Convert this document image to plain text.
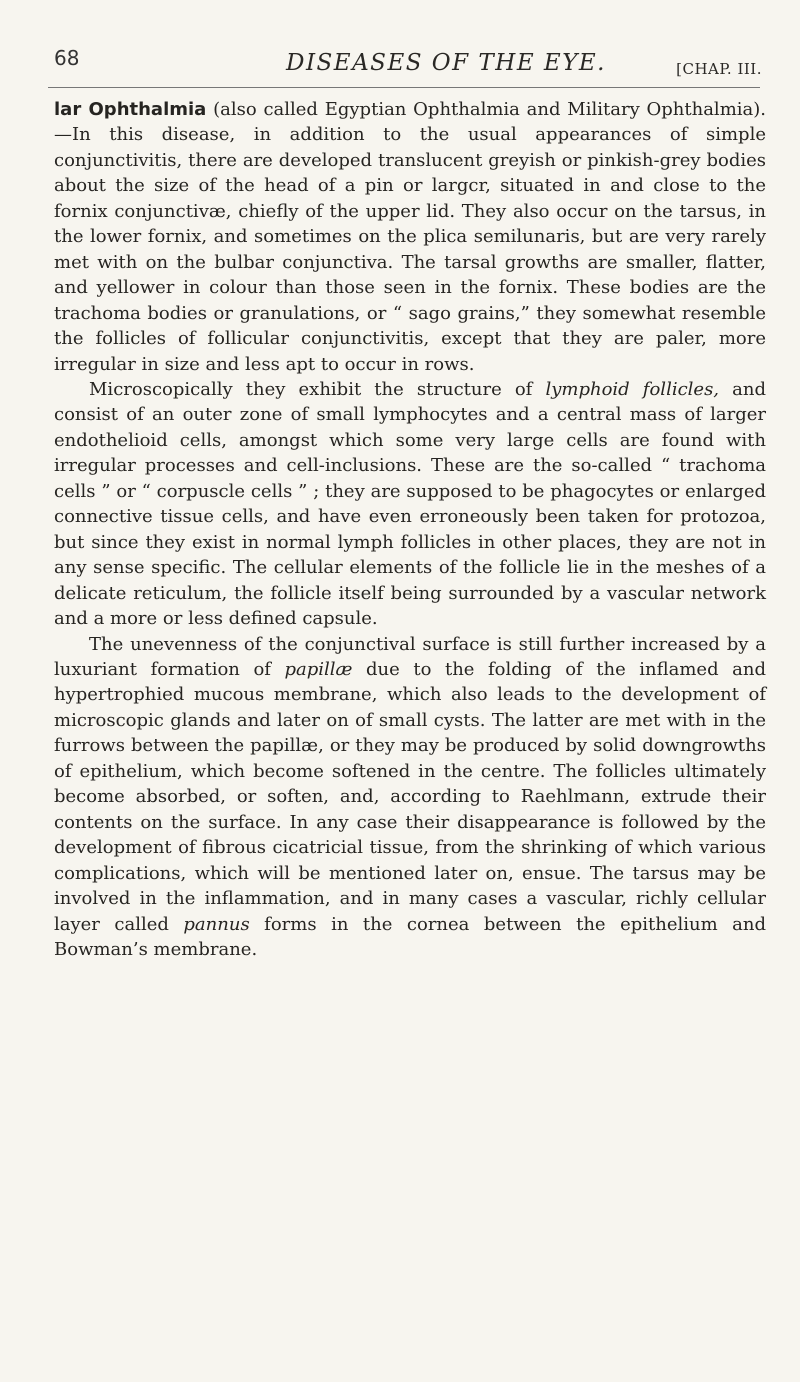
68	DISEASES OF THE EYE.	[CHAP. III.

lar Ophthalmia (also called Egyptian Ophthalmia and Military Ophthalmia).—In this disease, in addition to the usual appearances of simple conjunctivitis, there are developed translucent greyish or pinkish-grey bodies about the size of the head of a pin or largcr, situated in and close to the fornix conjunctivæ, chiefly of the upper lid. They also occur on the tarsus, in the lower fornix, and sometimes on the plica semilunaris, but are very rarely met with on the bulbar conjunctiva. The tarsal growths are smaller, flatter, and yellower in colour than those seen in the fornix. These bodies are the trachoma bodies or granulations, or “ sago grains,” they somewhat resemble the follicles of follicular conjunctivitis, except that they are paler, more irregular in size and less apt to occur in rows.

Microscopically they exhibit the structure of lymphoid follicles, and consist of an outer zone of small lymphocytes and a central mass of larger endothelioid cells, amongst which some very large cells are found with irregular processes and cell-inclusions. These are the so-called “ trachoma cells ” or “ corpuscle cells ” ; they are supposed to be phagocytes or enlarged connective tissue cells, and have even erroneously been taken for protozoa, but since they exist in normal lymph follicles in other places, they are not in any sense specific. The cellular elements of the follicle lie in the meshes of a delicate reticulum, the follicle itself being surrounded by a vascular network and a more or less defined capsule.

The unevenness of the conjunctival surface is still further increased by a luxuriant formation of papillæ due to the folding of the inflamed and hypertrophied mucous membrane, which also leads to the development of microscopic glands and later on of small cysts. The latter are met with in the furrows between the papillæ, or they may be produced by solid downgrowths of epithelium, which become softened in the centre. The follicles ultimately become absorbed, or soften, and, according to Raehlmann, extrude their contents on the surface. In any case their disappearance is followed by the development of fibrous cicatricial tissue, from the shrinking of which various complications, which will be mentioned later on, ensue. The tarsus may be involved in the inflammation, and in many cases a vascular, richly cellular layer called pannus forms in the cornea between the epithelium and Bowman’s membrane.
